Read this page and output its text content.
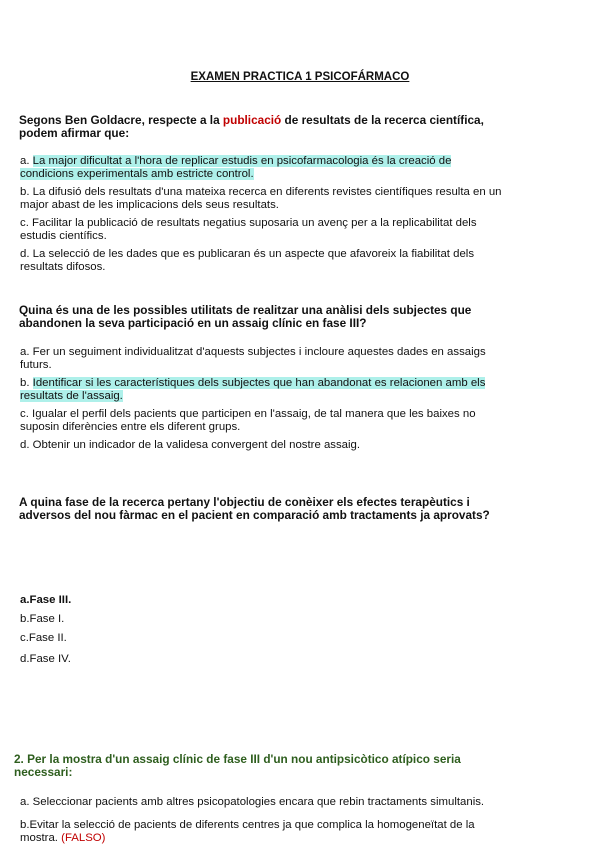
EXAMEN PRACTICA 1 PSICOFÁRMACO

Segons Ben Goldacre, respecte a la publicació de resultats de la recerca científica, podem afirmar que:

a. La major dificultat a l'hora de replicar estudis en psicofarmacologia és la creació de condicions experimentals amb estricte control.

b. La difusió dels resultats d'una mateixa recerca en diferents revistes científiques resulta en un major abast de les implicacions dels seus resultats.

c. Facilitar la publicació de resultats negatius suposaria un avenç per a la replicabilitat dels estudis científics.

d. La selecció de les dades que es publicaran és un aspecte que afavoreix la fiabilitat dels resultats difosos.

Quina és una de les possibles utilitats de realitzar una anàlisi dels subjectes que abandonen la seva participació en un assaig clínic en fase III?

a. Fer un seguiment individualitzat d'aquests subjectes i incloure aquestes dades en assaigs futurs.

b. Identificar si les característiques dels subjectes que han abandonat es relacionen amb els resultats de l'assaig.

c. Igualar el perfil dels pacients que participen en l'assaig, de tal manera que les baixes no suposin diferències entre els diferent grups.

d. Obtenir un indicador de la validesa convergent del nostre assaig.

A quina fase de la recerca pertany l'objectiu de conèixer els efectes terapèutics i adversos del nou fàrmac en el pacient en comparació amb tractaments ja aprovats?

a.Fase III.

b.Fase I.

c.Fase II.

d.Fase IV.

2. Per la mostra d'un assaig clínic de fase III d'un nou antipsicòtico atípico seria necessari:

a. Seleccionar pacients amb altres psicopatologies encara que rebin tractaments simultanis.

b.Evitar la selecció de pacients de diferents centres ja que complica la homogeneïtat de la mostra. (FALSO)
